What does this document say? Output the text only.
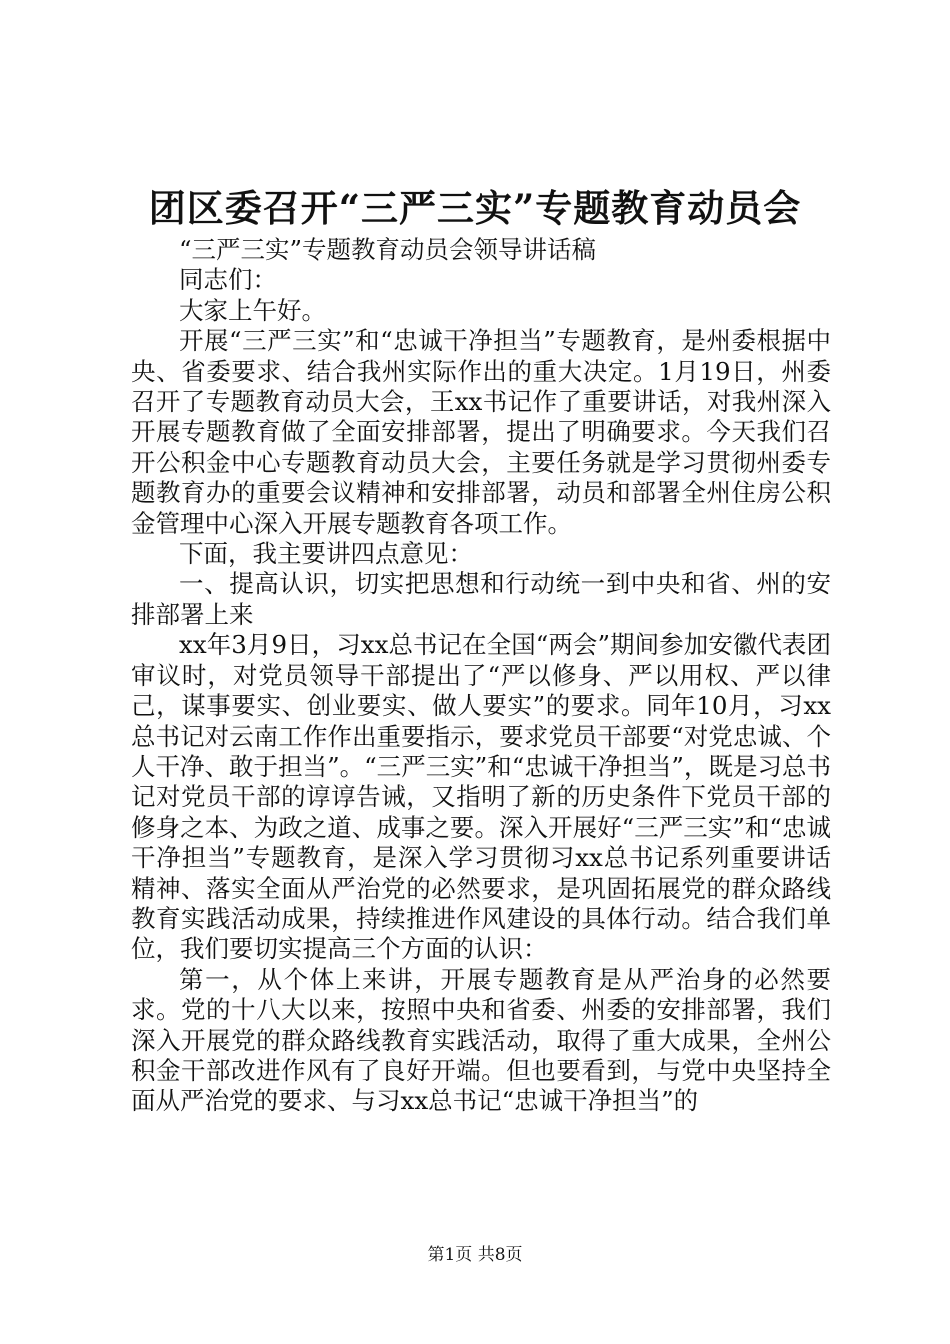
团区委召开“三严三实”专题教育动员会

“三严三实”专题教育动员会领导讲话稿

同志们：

大家上午好。

开展“三严三实”和“忠诚干净担当”专题教育，是州委根据中央、省委要求、结合我州实际作出的重大决定。1月19日，州委召开了专题教育动员大会，王xx书记作了重要讲话，对我州深入开展专题教育做了全面安排部署，提出了明确要求。今天我们召开公积金中心专题教育动员大会，主要任务就是学习贯彻州委专题教育办的重要会议精神和安排部署，动员和部署全州住房公积金管理中心深入开展专题教育各项工作。

下面，我主要讲四点意见：

一、提高认识，切实把思想和行动统一到中央和省、州的安排部署上来

xx年3月9日，习xx总书记在全国“两会”期间参加安徽代表团审议时，对党员领导干部提出了“严以修身、严以用权、严以律己，谋事要实、创业要实、做人要实”的要求。同年10月，习xx总书记对云南工作作出重要指示，要求党员干部要“对党忠诚、个人干净、敢于担当”。“三严三实”和“忠诚干净担当”，既是习总书记对党员干部的谆谆告诫，又指明了新的历史条件下党员干部的修身之本、为政之道、成事之要。深入开展好“三严三实”和“忠诚干净担当”专题教育，是深入学习贯彻习xx总书记系列重要讲话精神、落实全面从严治党的必然要求，是巩固拓展党的群众路线教育实践活动成果，持续推进作风建设的具体行动。结合我们单位，我们要切实提高三个方面的认识：

第一，从个体上来讲，开展专题教育是从严治身的必然要求。党的十八大以来，按照中央和省委、州委的安排部署，我们深入开展党的群众路线教育实践活动，取得了重大成果，全州公积金干部改进作风有了良好开端。但也要看到，与党中央坚持全面从严治党的要求、与习xx总书记“忠诚干净担当”的

第1页 共8页
